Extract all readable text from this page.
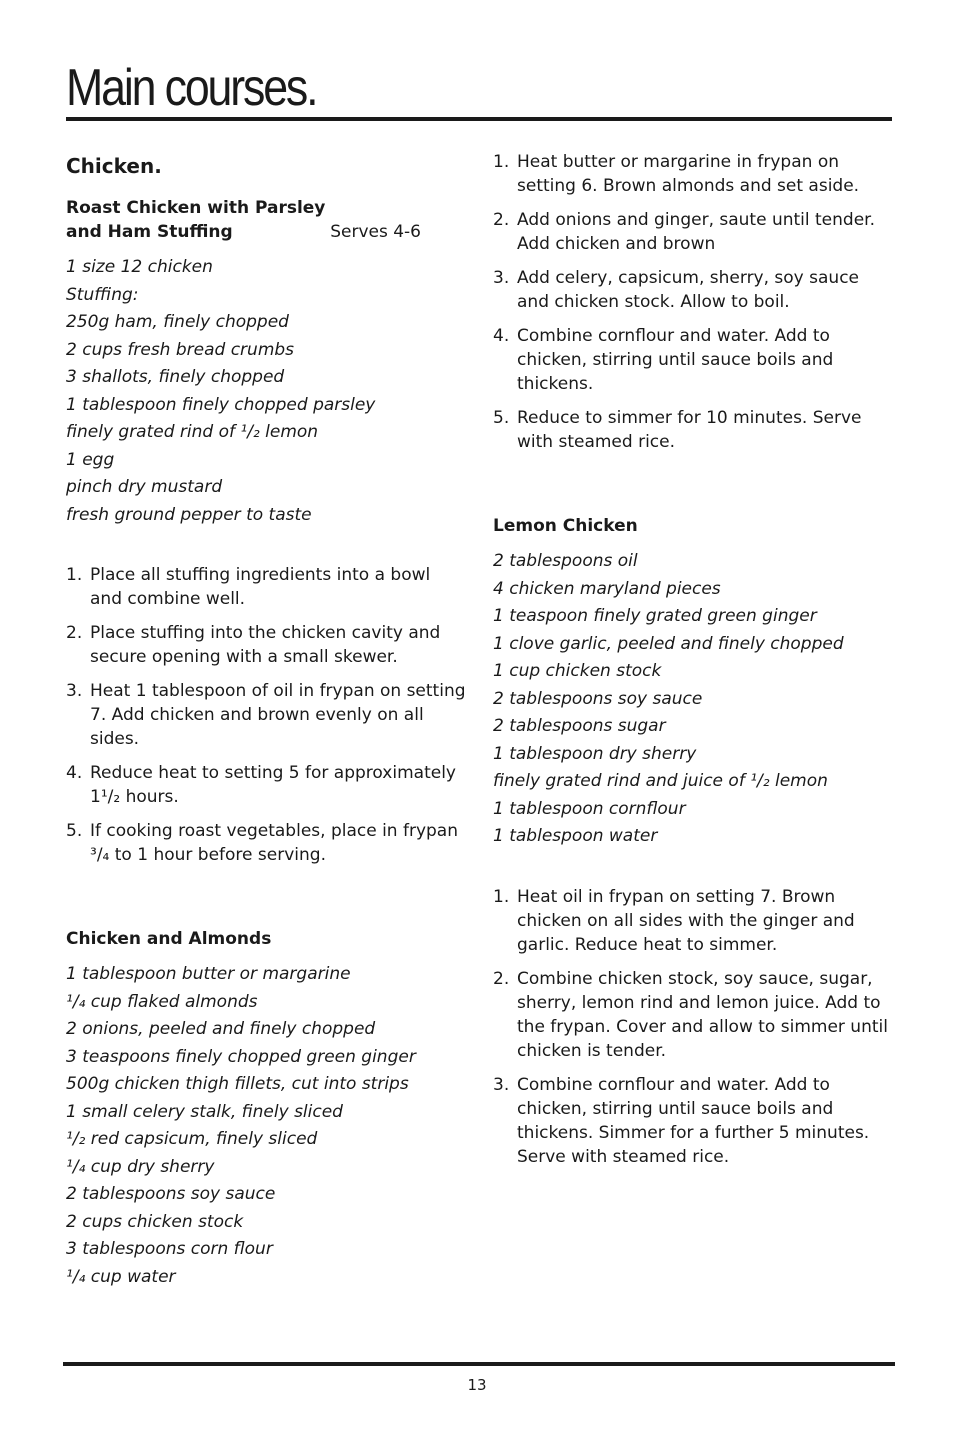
Main courses.
Chicken.
Roast Chicken with Parsley
and Ham Stuffing	Serves 4-6
1 size 12 chicken
Stuffing:
250g ham, finely chopped
2 cups fresh bread crumbs
3 shallots, finely chopped
1 tablespoon finely chopped parsley
finely grated rind of ¹/₂ lemon
1 egg
pinch dry mustard
fresh ground pepper to taste
1. Place all stuffing ingredients into a bowl and combine well.
2. Place stuffing into the chicken cavity and secure opening with a small skewer.
3. Heat 1 tablespoon of oil in frypan on setting 7. Add chicken and brown evenly on all sides.
4. Reduce heat to setting 5 for approximately 1¹/₂ hours.
5. If cooking roast vegetables, place in frypan ³/₄ to 1 hour before serving.
Chicken and Almonds
1 tablespoon butter or margarine
¹/₄ cup flaked almonds
2 onions, peeled and finely chopped
3 teaspoons finely chopped green ginger
500g chicken thigh fillets, cut into strips
1 small celery stalk, finely sliced
¹/₂ red capsicum, finely sliced
¹/₄ cup dry sherry
2 tablespoons soy sauce
2 cups chicken stock
3 tablespoons corn flour
¹/₄ cup water
1. Heat butter or margarine in frypan on setting 6. Brown almonds and set aside.
2. Add onions and ginger, saute until tender. Add chicken and brown
3. Add celery, capsicum, sherry, soy sauce and chicken stock. Allow to boil.
4. Combine cornflour and water. Add to chicken, stirring until sauce boils and thickens.
5. Reduce to simmer for 10 minutes. Serve with steamed rice.
Lemon Chicken
2 tablespoons oil
4 chicken maryland pieces
1 teaspoon finely grated green ginger
1 clove garlic, peeled and finely chopped
1 cup chicken stock
2 tablespoons soy sauce
2 tablespoons sugar
1 tablespoon dry sherry
finely grated rind and juice of ¹/₂ lemon
1 tablespoon cornflour
1 tablespoon water
1. Heat oil in frypan on setting 7. Brown chicken on all sides with the ginger and garlic. Reduce heat to simmer.
2. Combine chicken stock, soy sauce, sugar, sherry, lemon rind and lemon juice. Add to the frypan. Cover and allow to simmer until chicken is tender.
3. Combine cornflour and water. Add to chicken, stirring until sauce boils and thickens. Simmer for a further 5 minutes. Serve with steamed rice.
13
